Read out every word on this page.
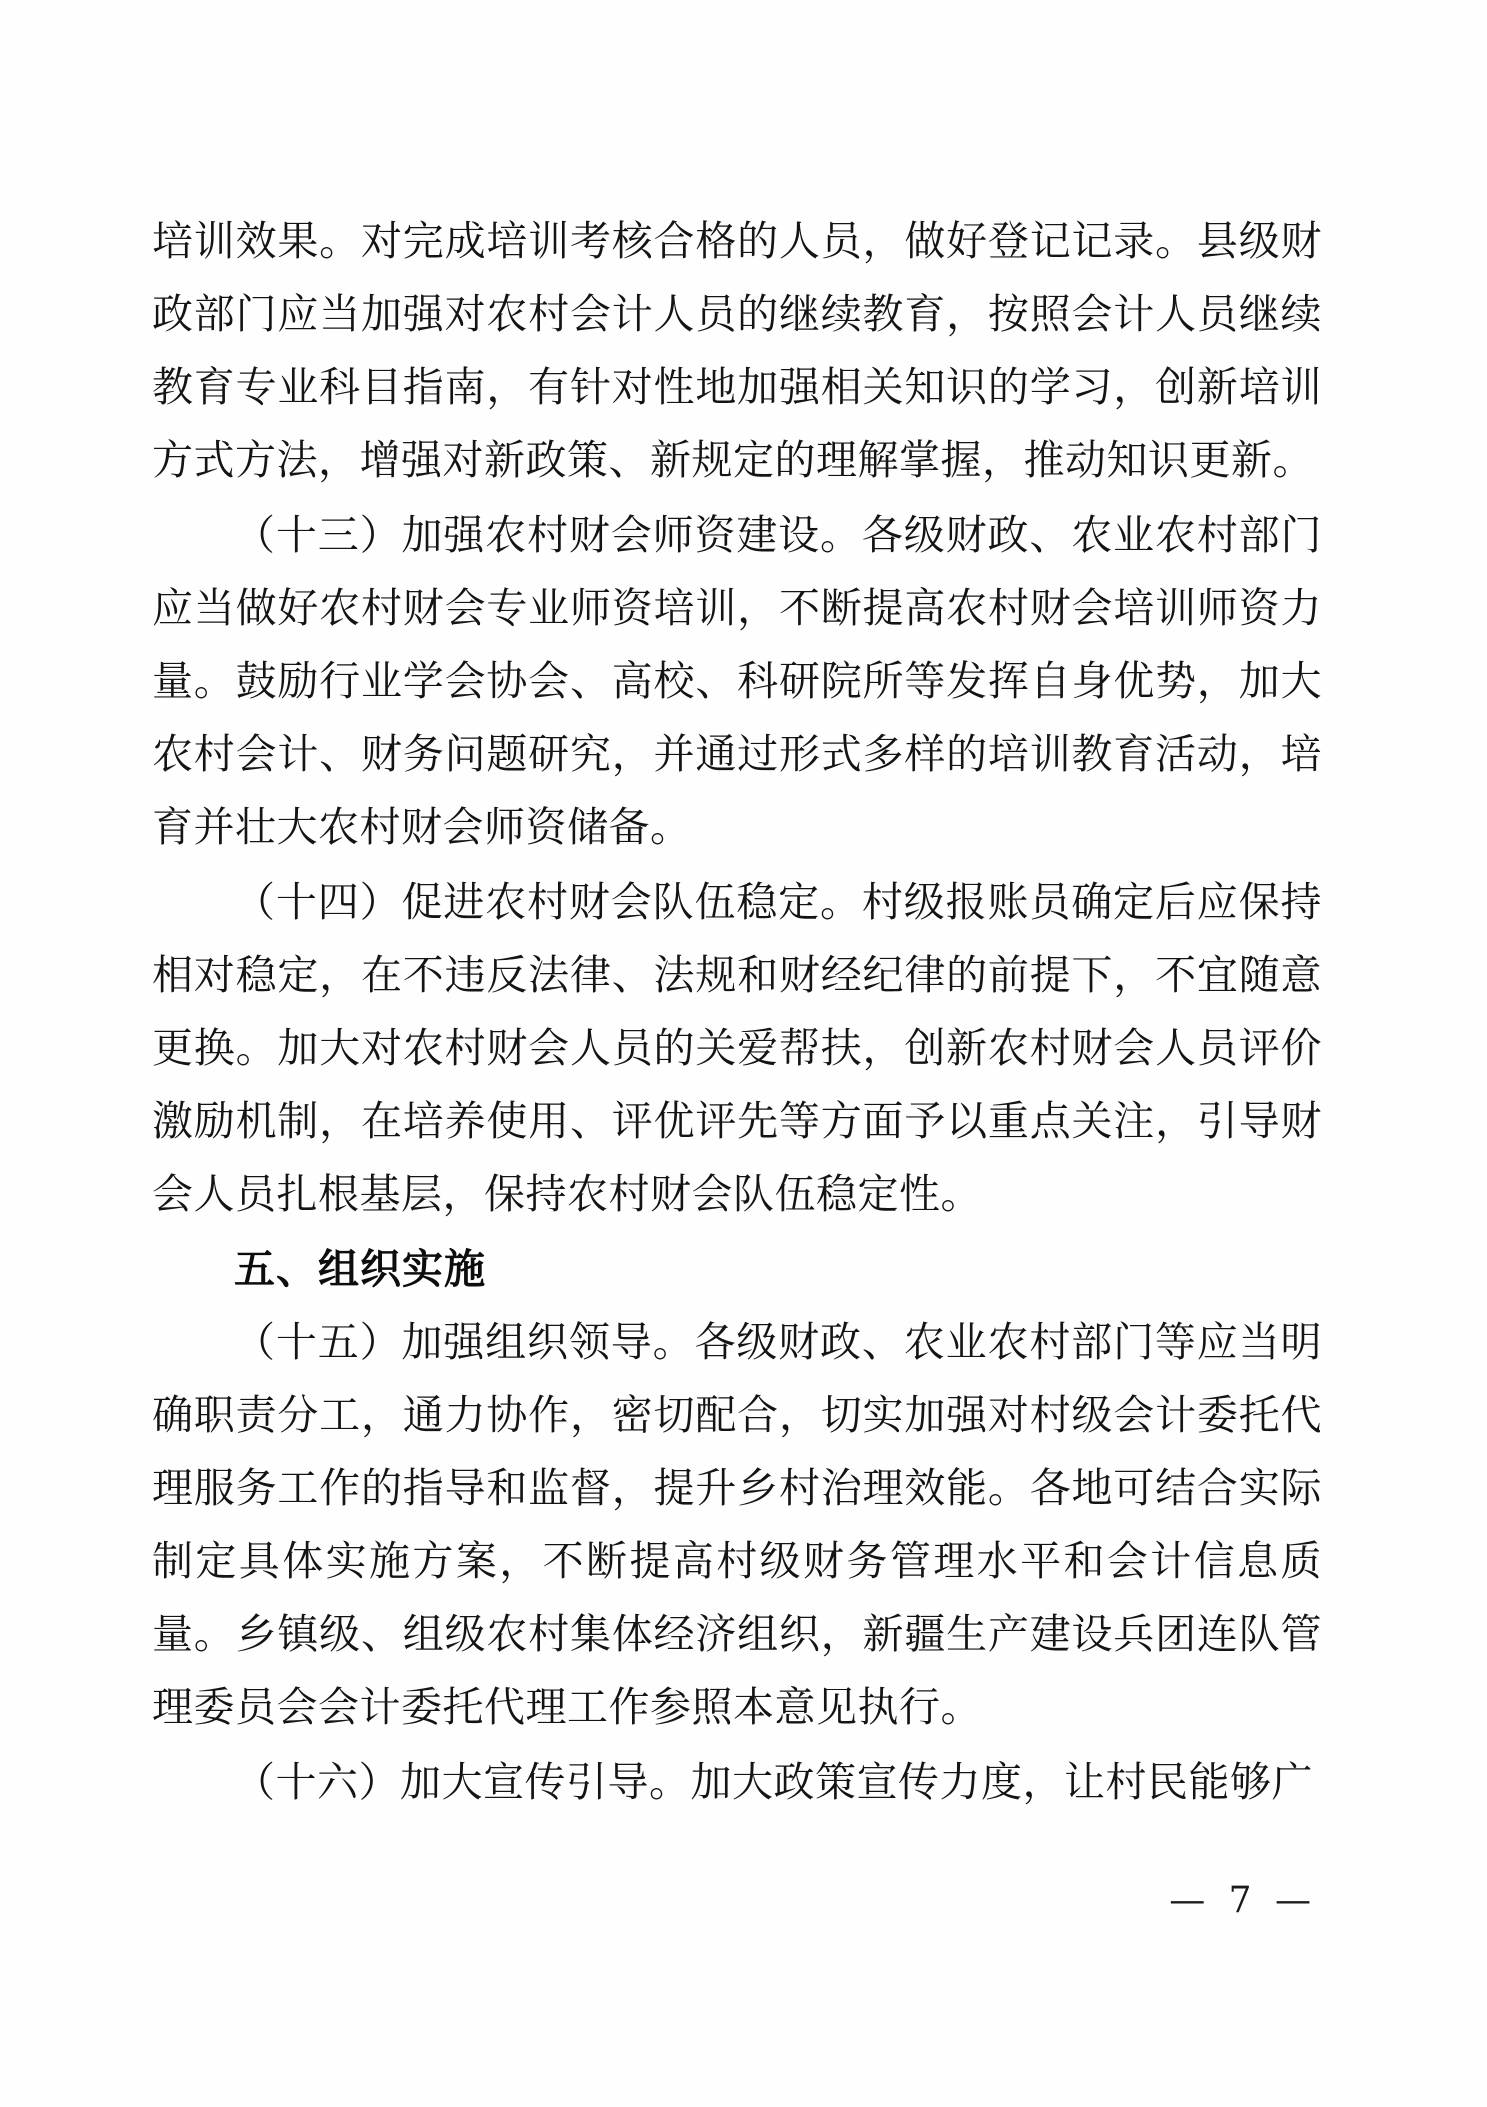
培训效果。对完成培训考核合格的人员，做好登记记录。县级财政部门应当加强对农村会计人员的继续教育，按照会计人员继续教育专业科目指南，有针对性地加强相关知识的学习，创新培训方式方法，增强对新政策、新规定的理解掌握，推动知识更新。

（十三）加强农村财会师资建设。各级财政、农业农村部门应当做好农村财会专业师资培训，不断提高农村财会培训师资力量。鼓励行业学会协会、高校、科研院所等发挥自身优势，加大农村会计、财务问题研究，并通过形式多样的培训教育活动，培育并壮大农村财会师资储备。

（十四）促进农村财会队伍稳定。村级报账员确定后应保持相对稳定，在不违反法律、法规和财经纪律的前提下，不宜随意更换。加大对农村财会人员的关爱帮扶，创新农村财会人员评价激励机制，在培养使用、评优评先等方面予以重点关注，引导财会人员扎根基层，保持农村财会队伍稳定性。

五、组织实施

（十五）加强组织领导。各级财政、农业农村部门等应当明确职责分工，通力协作，密切配合，切实加强对村级会计委托代理服务工作的指导和监督，提升乡村治理效能。各地可结合实际制定具体实施方案，不断提高村级财务管理水平和会计信息质量。乡镇级、组级农村集体经济组织，新疆生产建设兵团连队管理委员会会计委托代理工作参照本意见执行。

（十六）加大宣传引导。加大政策宣传力度，让村民能够广

— 7 —
